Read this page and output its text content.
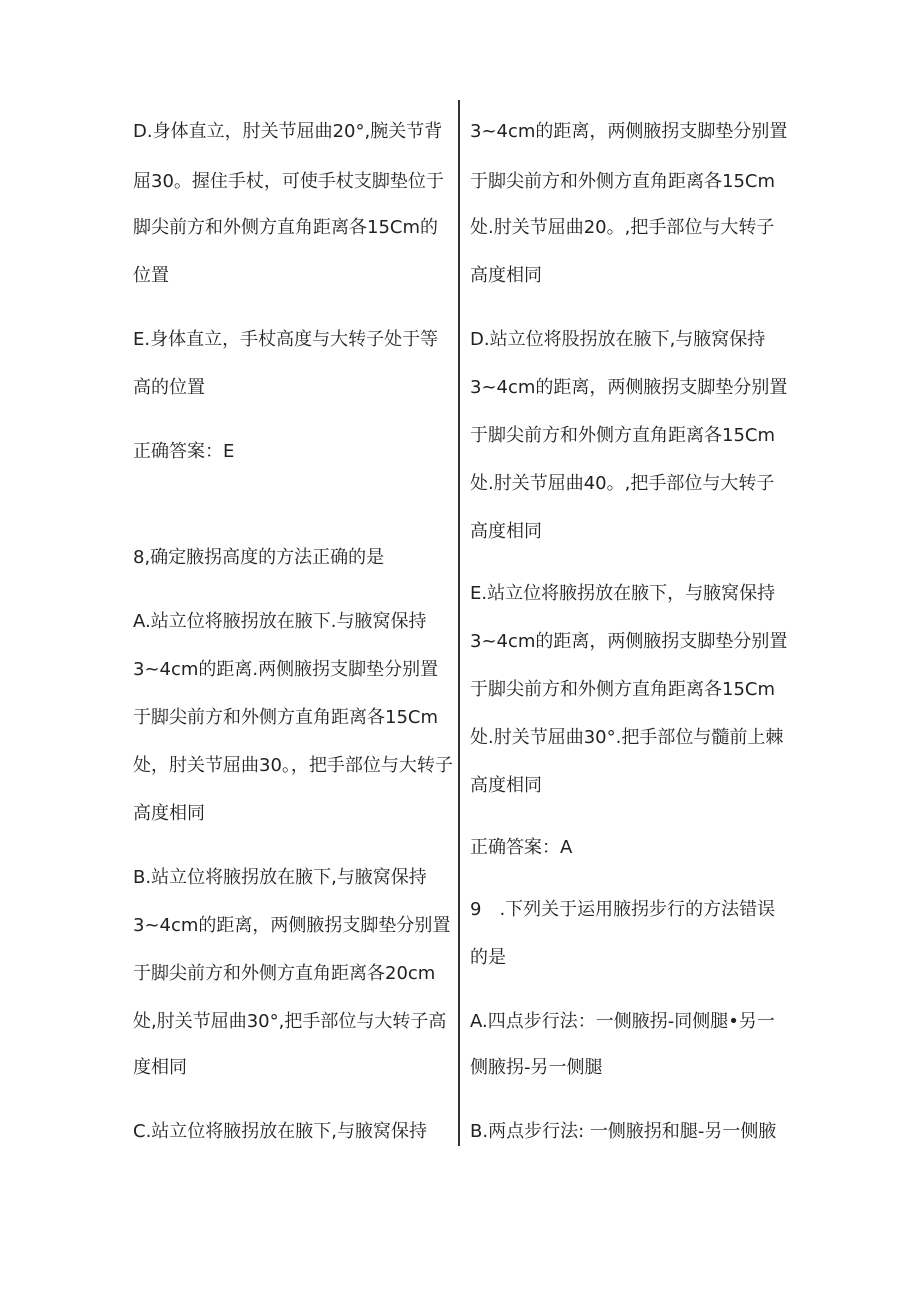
D.身体直立，肘关节屈曲20°,腕关节背
屈30。握住手杖，可使手杖支脚垫位于
脚尖前方和外侧方直角距离各15Cm的
位置
E.身体直立，手杖高度与大转子处于等
高的位置
正确答案：E
8,确定腋拐高度的方法正确的是
A.站立位将腋拐放在腋下.与腋窝保持
3~4cm的距离.两侧腋拐支脚垫分别置
于脚尖前方和外侧方直角距离各15Cm
处，肘关节屈曲30。，把手部位与大转子
高度相同
B.站立位将腋拐放在腋下,与腋窝保持
3~4cm的距离，两侧腋拐支脚垫分别置
于脚尖前方和外侧方直角距离各20cm
处,肘关节屈曲30°,把手部位与大转子高
度相同
C.站立位将腋拐放在腋下,与腋窝保持
3~4cm的距离，两侧腋拐支脚垫分别置
于脚尖前方和外侧方直角距离各15Cm
处.肘关节屈曲20。,把手部位与大转子
高度相同
D.站立位将股拐放在腋下,与腋窝保持
3~4cm的距离，两侧腋拐支脚垫分别置
于脚尖前方和外侧方直角距离各15Cm
处.肘关节屈曲40。,把手部位与大转子
高度相同
E.站立位将腋拐放在腋下，与腋窝保持
3~4cm的距离，两侧腋拐支脚垫分别置
于脚尖前方和外侧方直角距离各15Cm
处.肘关节屈曲30°.把手部位与髓前上棘
高度相同
正确答案：A
9　.下列关于运用腋拐步行的方法错误
的是
A.四点步行法：一侧腋拐-同侧腿•另一
侧腋拐-另一侧腿
B.两点步行法: 一侧腋拐和腿-另一侧腋
